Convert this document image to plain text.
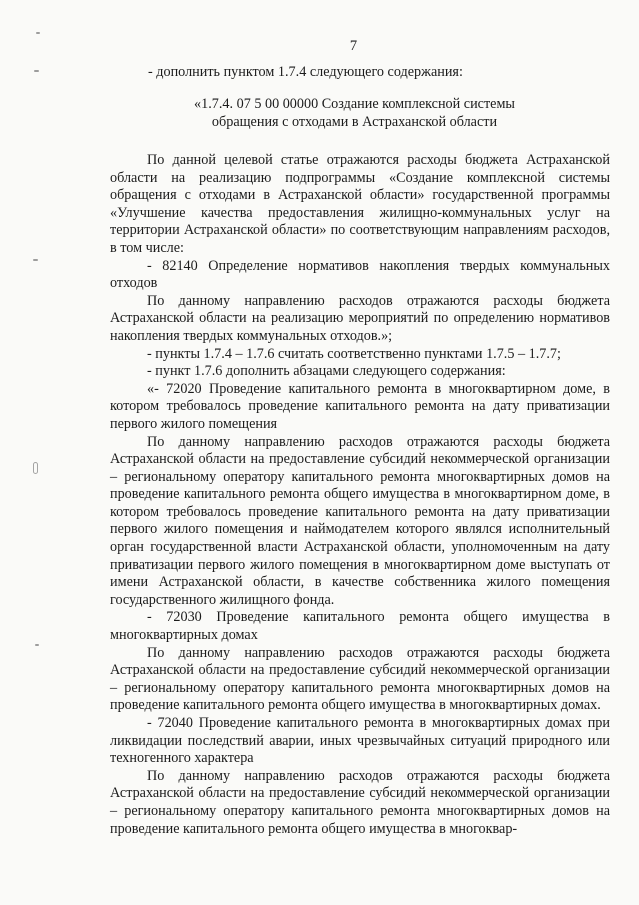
7
- дополнить пунктом 1.7.4 следующего содержания:
«1.7.4. 07 5 00 00000 Создание комплексной системы
обращения с отходами в Астраханской области

По данной целевой статье отражаются расходы бюджета Астраханской области на реализацию подпрограммы «Создание комплексной системы обращения с отходами в Астраханской области» государственной программы «Улучшение качества предоставления жилищно-коммунальных услуг на территории Астраханской области» по соответствующим направлениям расходов, в том числе:

- 82140 Определение нормативов накопления твердых коммунальных отходов

По данному направлению расходов отражаются расходы бюджета Астраханской области на реализацию мероприятий по определению нормативов накопления твердых коммунальных отходов.»;

- пункты 1.7.4 – 1.7.6 считать соответственно пунктами 1.7.5 – 1.7.7;

- пункт 1.7.6 дополнить абзацами следующего содержания:

«- 72020 Проведение капитального ремонта в многоквартирном доме, в котором требовалось проведение капитального ремонта на дату приватизации первого жилого помещения

По данному направлению расходов отражаются расходы бюджета Астраханской области на предоставление субсидий некоммерческой организации – региональному оператору капитального ремонта многоквартирных домов на проведение капитального ремонта общего имущества в многоквартирном доме, в котором требовалось проведение капитального ремонта на дату приватизации первого жилого помещения и наймодателем которого являлся исполнительный орган государственной власти Астраханской области, уполномоченным на дату приватизации первого жилого помещения в многоквартирном доме выступать от имени Астраханской области, в качестве собственника жилого помещения государственного жилищного фонда.

- 72030 Проведение капитального ремонта общего имущества в многоквартирных домах

По данному направлению расходов отражаются расходы бюджета Астраханской области на предоставление субсидий некоммерческой организации – региональному оператору капитального ремонта многоквартирных домов на проведение капитального ремонта общего имущества в многоквартирных домах.

- 72040 Проведение капитального ремонта в многоквартирных домах при ликвидации последствий аварии, иных чрезвычайных ситуаций природного или техногенного характера

По данному направлению расходов отражаются расходы бюджета Астраханской области на предоставление субсидий некоммерческой организации – региональному оператору капитального ремонта многоквартирных домов на проведение капитального ремонта общего имущества в многоквар-
